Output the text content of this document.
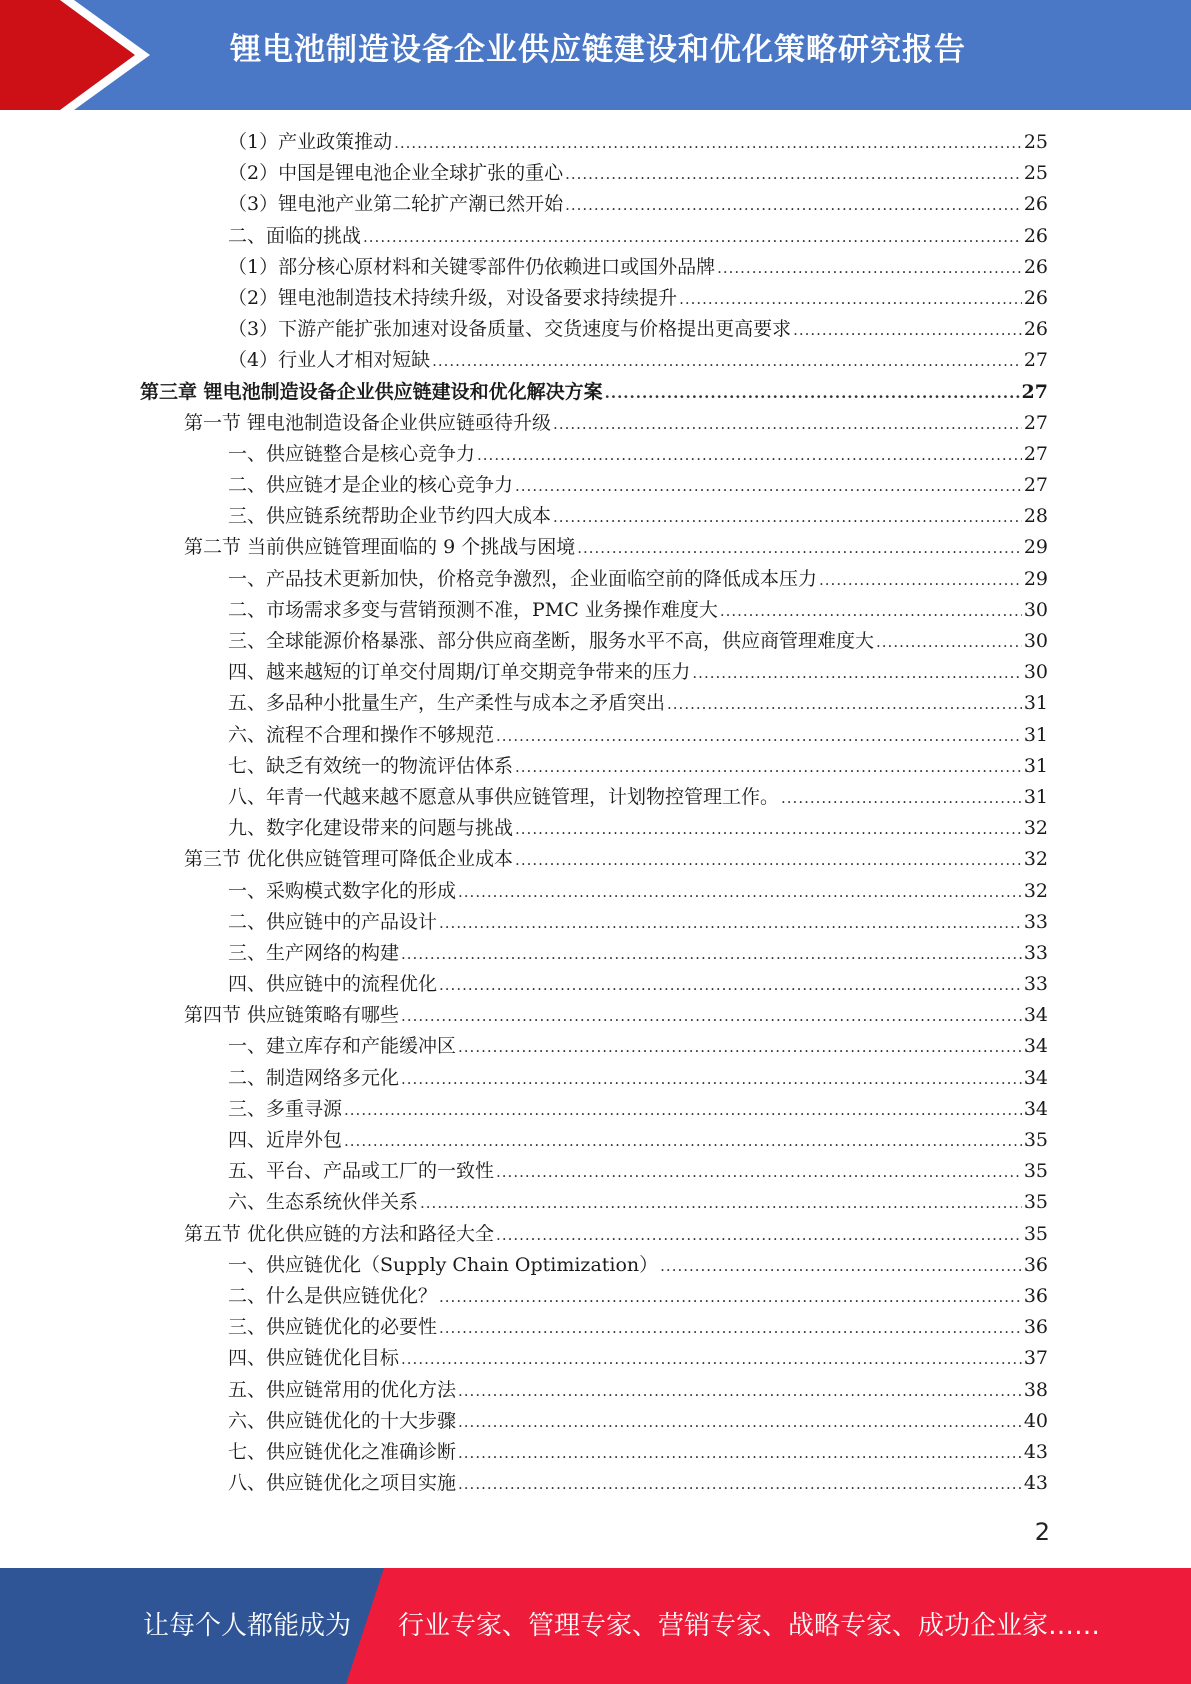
锂电池制造设备企业供应链建设和优化策略研究报告
（1）产业政策推动 .....	25
（2）中国是锂电池企业全球扩张的重心 .....	25
（3）锂电池产业第二轮扩产潮已然开始 .....	26
二、面临的挑战 .....	26
（1）部分核心原材料和关键零部件仍依赖进口或国外品牌 .....	26
（2）锂电池制造技术持续升级，对设备要求持续提升 .....	26
（3）下游产能扩张加速对设备质量、交货速度与价格提出更高要求 .....	26
（4）行业人才相对短缺 .....	27
第三章 锂电池制造设备企业供应链建设和优化解决方案 .....	27
第一节 锂电池制造设备企业供应链亟待升级 .....	27
一、供应链整合是核心竞争力 .....	27
二、供应链才是企业的核心竞争力 .....	27
三、供应链系统帮助企业节约四大成本 .....	28
第二节 当前供应链管理面临的 9 个挑战与困境 .....	29
一、产品技术更新加快，价格竞争激烈，企业面临空前的降低成本压力 .....	29
二、市场需求多变与营销预测不准，PMC 业务操作难度大 .....	30
三、全球能源价格暴涨、部分供应商垄断，服务水平不高，供应商管理难度大 .....	30
四、越来越短的订单交付周期/订单交期竞争带来的压力 .....	30
五、多品种小批量生产，生产柔性与成本之矛盾突出 .....	31
六、流程不合理和操作不够规范 .....	31
七、缺乏有效统一的物流评估体系 .....	31
八、年青一代越来越不愿意从事供应链管理，计划物控管理工作。 .....	31
九、数字化建设带来的问题与挑战 .....	32
第三节 优化供应链管理可降低企业成本 .....	32
一、采购模式数字化的形成 .....	32
二、供应链中的产品设计 .....	33
三、生产网络的构建 .....	33
四、供应链中的流程优化 .....	33
第四节 供应链策略有哪些 .....	34
一、建立库存和产能缓冲区 .....	34
二、制造网络多元化 .....	34
三、多重寻源 .....	34
四、近岸外包 .....	35
五、平台、产品或工厂的一致性 .....	35
六、生态系统伙伴关系 .....	35
第五节 优化供应链的方法和路径大全 .....	35
一、供应链优化（Supply Chain Optimization） .....	36
二、什么是供应链优化？ .....	36
三、供应链优化的必要性 .....	36
四、供应链优化目标 .....	37
五、供应链常用的优化方法 .....	38
六、供应链优化的十大步骤 .....	40
七、供应链优化之准确诊断 .....	43
八、供应链优化之项目实施 .....	43
2
让每个人都能成为 行业专家、管理专家、营销专家、战略专家、成功企业家……
